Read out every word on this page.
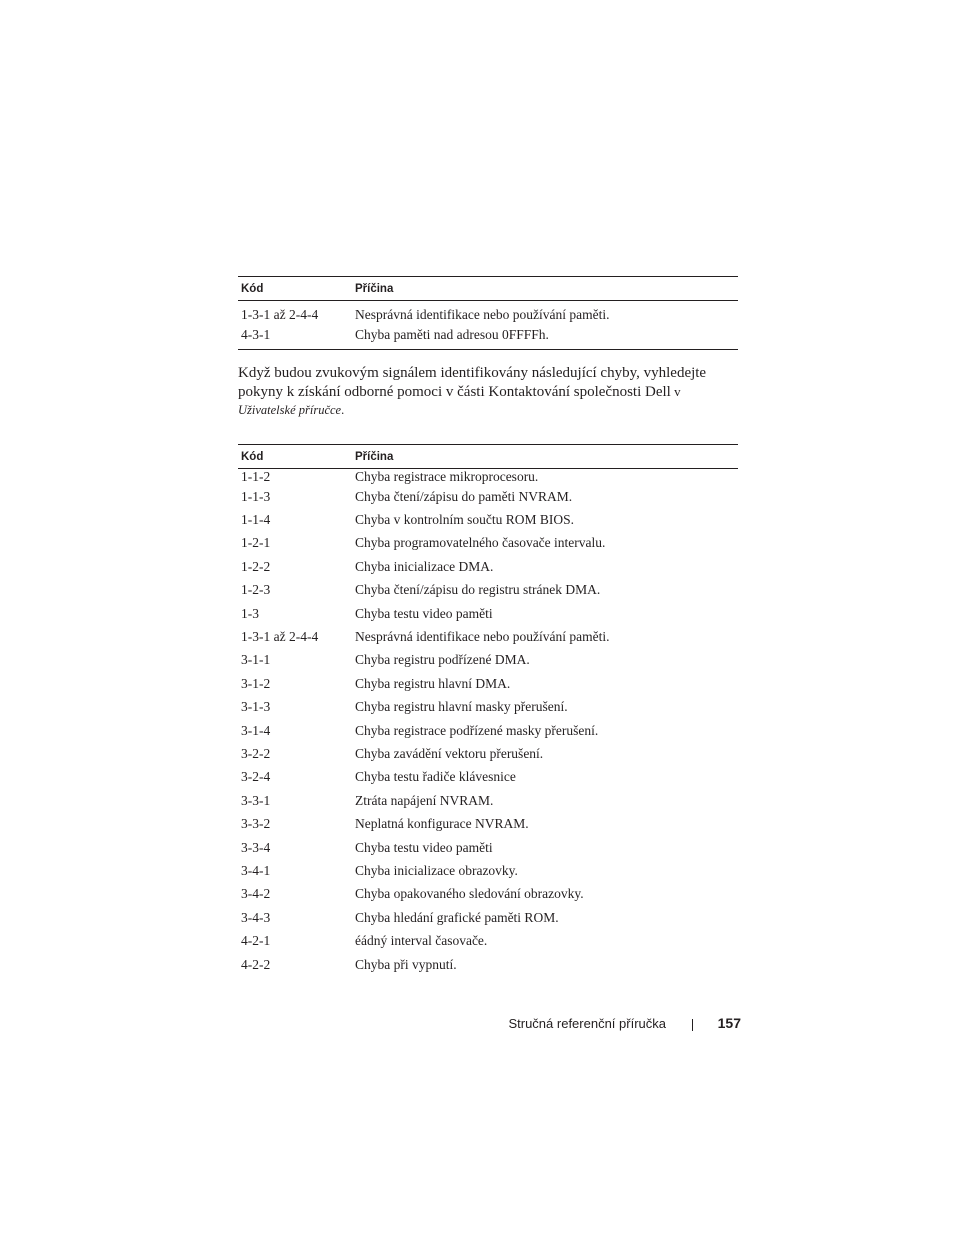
Kód	Příčina
1-3-1 až 2-4-4	Nesprávná identifikace nebo používání paměti.
4-3-1	Chyba paměti nad adresou 0FFFFh.
Když budou zvukovým signálem identifikovány následující chyby, vyhledejte
pokyny k získání odborné pomoci v části Kontaktování společnosti Dell v
Uživatelské příručce.
Kód	Příčina
1-1-2	Chyba registrace mikroprocesoru.
1-1-3	Chyba čtení/zápisu do paměti NVRAM.
1-1-4	Chyba v kontrolním součtu ROM BIOS.
1-2-1	Chyba programovatelného časovače intervalu.
1-2-2	Chyba inicializace DMA.
1-2-3	Chyba čtení/zápisu do registru stránek DMA.
1-3	Chyba testu video paměti
1-3-1 až 2-4-4	Nesprávná identifikace nebo používání paměti.
3-1-1	Chyba registru podřízené DMA.
3-1-2	Chyba registru hlavní DMA.
3-1-3	Chyba registru hlavní masky přerušení.
3-1-4	Chyba registrace podřízené masky přerušení.
3-2-2	Chyba zavádění vektoru přerušení.
3-2-4	Chyba testu řadiče klávesnice
3-3-1	Ztráta napájení NVRAM.
3-3-2	Neplatná konfigurace NVRAM.
3-3-4	Chyba testu video paměti
3-4-1	Chyba inicializace obrazovky.
3-4-2	Chyba opakovaného sledování obrazovky.
3-4-3	Chyba hledání grafické paměti ROM.
4-2-1	éádný interval časovače.
4-2-2	Chyba při vypnutí.
Stručná referenční příručka	157
